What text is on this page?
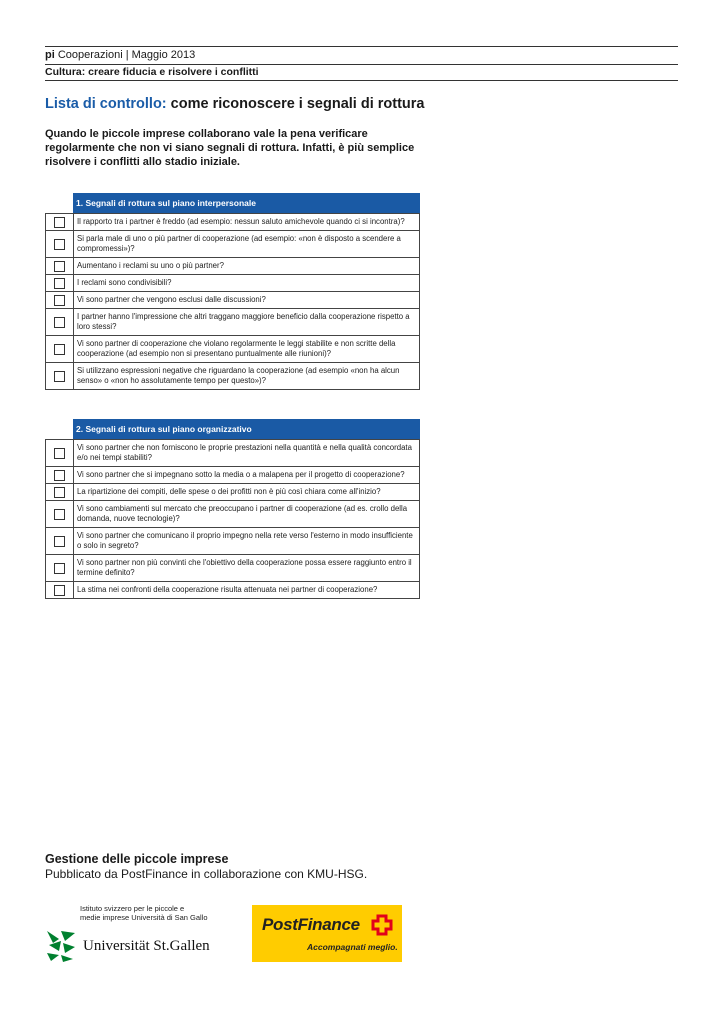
pi Cooperazioni | Maggio 2013
Cultura: creare fiducia e risolvere i conflitti
Lista di controllo: come riconoscere i segnali di rottura
Quando le piccole imprese collaborano vale la pena verificare regolarmente che non vi siano segnali di rottura. Infatti, è più semplice risolvere i conflitti allo stadio iniziale.
1. Segnali di rottura sul piano interpersonale
Il rapporto tra i partner è freddo (ad esempio: nessun saluto amichevole quando ci si incontra)?
Si parla male di uno o più partner di cooperazione (ad esempio: «non è disposto a scendere a compromessi»)?
Aumentano i reclami su uno o più partner?
I reclami sono condivisibili?
Vi sono partner che vengono esclusi dalle discussioni?
I partner hanno l'impressione che altri traggano maggiore beneficio dalla cooperazione rispetto a loro stessi?
Vi sono partner di cooperazione che violano regolarmente le leggi stabilite e non scritte della cooperazione (ad esempio non si presentano puntualmente alle riunioni)?
Si utilizzano espressioni negative che riguardano la cooperazione (ad esempio «non ha alcun senso» o «non ho assolutamente tempo per questo»)?
2. Segnali di rottura sul piano organizzativo
Vi sono partner che non forniscono le proprie prestazioni nella quantità e nella qualità concordata e/o nei tempi stabiliti?
Vi sono partner che si impegnano sotto la media o a malapena per il progetto di cooperazione?
La ripartizione dei compiti, delle spese o dei profitti non è più così chiara come all'inizio?
Vi sono cambiamenti sul mercato che preoccupano i partner di cooperazione (ad es. crollo della domanda, nuove tecnologie)?
Vi sono partner che comunicano il proprio impegno nella rete verso l'esterno in modo insufficiente o solo in segreto?
Vi sono partner non più convinti che l'obiettivo della cooperazione possa essere raggiunto entro il termine definito?
La stima nei confronti della cooperazione risulta attenuata nei partner di cooperazione?
Gestione delle piccole imprese
Pubblicato da PostFinance in collaborazione con KMU-HSG.
Istituto svizzero per le piccole e
medie imprese Università di San Gallo
Universität St.Gallen
PostFinance
Accompagnati meglio.
